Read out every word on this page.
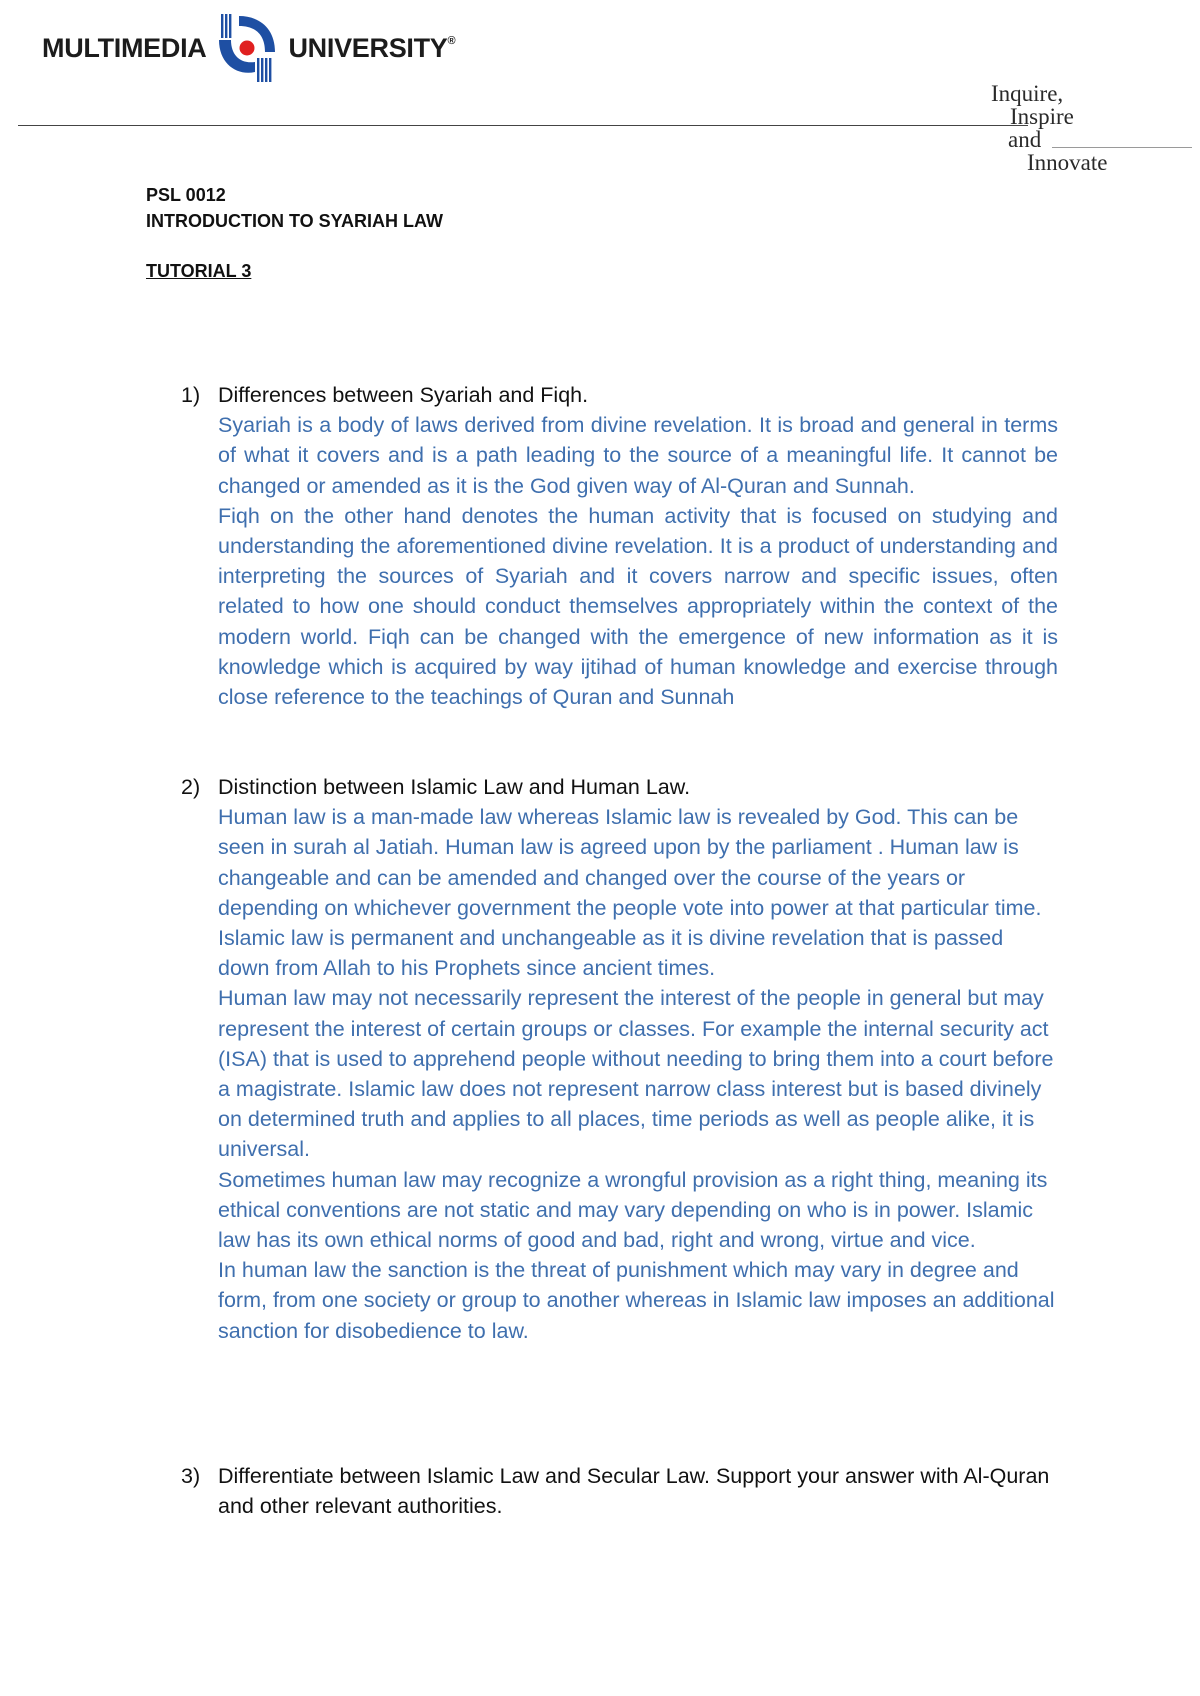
MULTIMEDIA	UNIVERSITY®
Inquire,
Inspire
and
Innovate
PSL 0012
INTRODUCTION TO SYARIAH LAW
TUTORIAL 3
1) Differences between Syariah and Fiqh.

Syariah is a body of laws derived from divine revelation. It is broad and general in terms of what it covers and is a path leading to the source of a meaningful life. It cannot be changed or amended as it is the God given way of Al-Quran and Sunnah.

Fiqh on the other hand denotes the human activity that is focused on studying and understanding the aforementioned divine revelation. It is a product of understanding and interpreting the sources of Syariah and it covers narrow and specific issues, often related to how one should conduct themselves appropriately within the context of the modern world. Fiqh can be changed with the emergence of new information as it is knowledge which is acquired by way ijtihad of human knowledge and exercise through close reference to the teachings of Quran and Sunnah

2) Distinction between Islamic Law and Human Law.

Human law is a man-made law whereas Islamic law is revealed by God. This can be seen in surah al Jatiah. Human law is agreed upon by the parliament . Human law is changeable and can be amended and changed over the course of the years or depending on whichever government the people vote into power at that particular time. Islamic law is permanent and unchangeable as it is divine revelation that is passed down from Allah to his Prophets since ancient times.

Human law may not necessarily represent the interest of the people in general but may represent the interest of certain groups or classes. For example the internal security act (ISA) that is used to apprehend people without needing to bring them into a court before a magistrate. Islamic law does not represent narrow class interest but is based divinely on determined truth and applies to all places, time periods as well as people alike, it is universal.

Sometimes human law may recognize a wrongful provision as a right thing, meaning its ethical conventions are not static and may vary depending on who is in power. Islamic law has its own ethical norms of good and bad, right and wrong, virtue and vice.

In human law the sanction is the threat of punishment which may vary in degree and form, from one society or group to another whereas in Islamic law imposes an additional sanction for disobedience to law.

3) Differentiate between Islamic Law and Secular Law. Support your answer with Al-Quran and other relevant authorities.
